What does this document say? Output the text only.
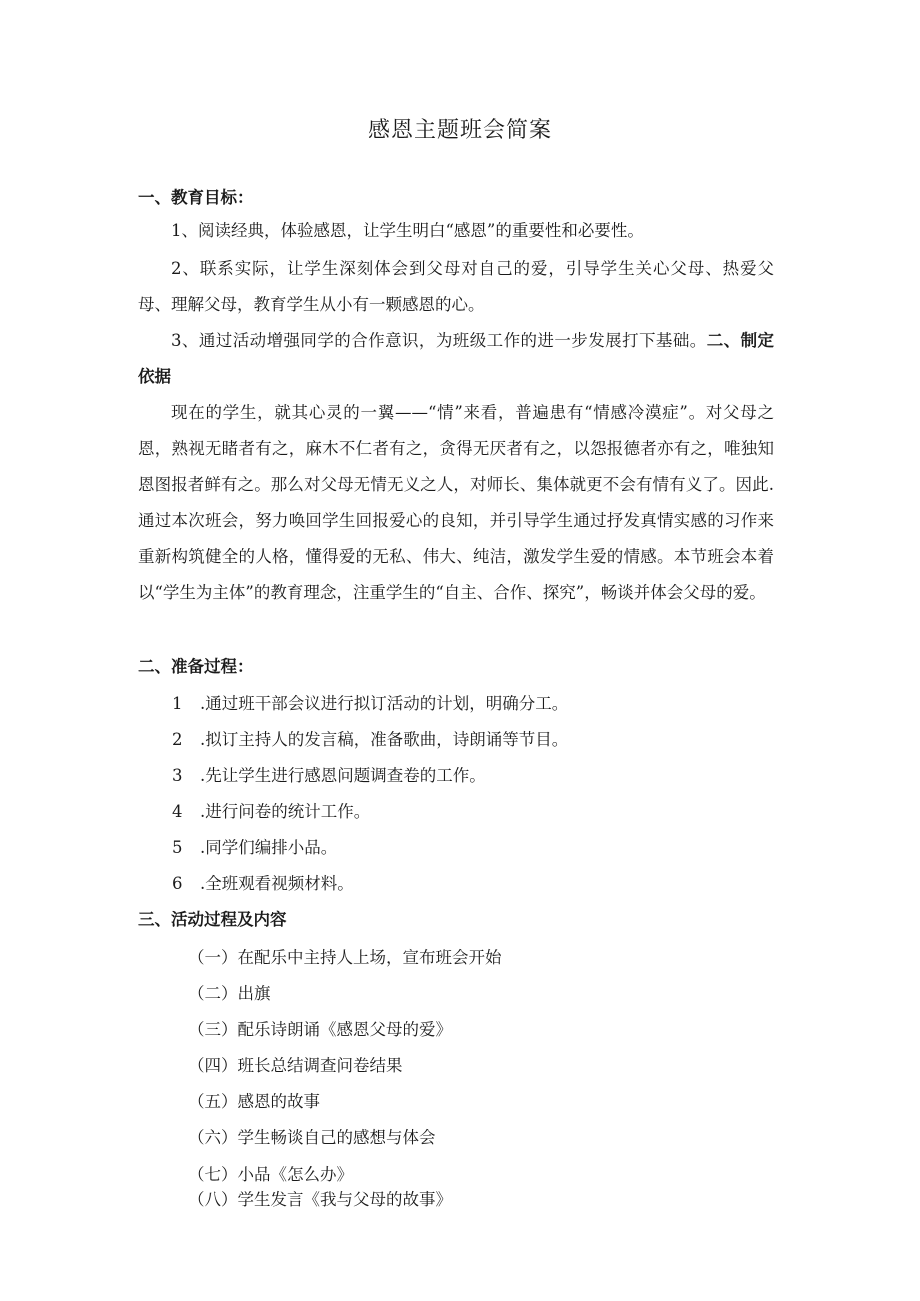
感恩主题班会简案
一、教育目标：
1、阅读经典，体验感恩，让学生明白“感恩”的重要性和必要性。
2、联系实际，让学生深刻体会到父母对自己的爱，引导学生关心父母、热爱父母、理解父母，教育学生从小有一颗感恩的心。
3、通过活动增强同学的合作意识，为班级工作的进一步发展打下基础。二、制定依据
现在的学生，就其心灵的一翼——“情”来看，普遍患有“情感冷漠症”。对父母之恩，熟视无睹者有之，麻木不仁者有之，贪得无厌者有之，以怨报德者亦有之，唯独知恩图报者鲜有之。那么对父母无情无义之人，对师长、集体就更不会有情有义了。因此.通过本次班会，努力唤回学生回报爱心的良知，并引导学生通过抒发真情实感的习作来重新构筑健全的人格，懂得爱的无私、伟大、纯洁，激发学生爱的情感。本节班会本着以“学生为主体”的教育理念，注重学生的“自主、合作、探究”，畅谈并体会父母的爱。
二、准备过程：
1 .通过班干部会议进行拟订活动的计划，明确分工。
2 .拟订主持人的发言稿，准备歌曲，诗朗诵等节目。
3 .先让学生进行感恩问题调查卷的工作。
4 .进行问卷的统计工作。
5 .同学们编排小品。
6 .全班观看视频材料。
三、活动过程及内容
（一）在配乐中主持人上场，宣布班会开始
（二）出旗
（三）配乐诗朗诵《感恩父母的爱》
（四）班长总结调查问卷结果
（五）感恩的故事
（六）学生畅谈自己的感想与体会
（七）小品《怎么办》
（八）学生发言《我与父母的故事》
